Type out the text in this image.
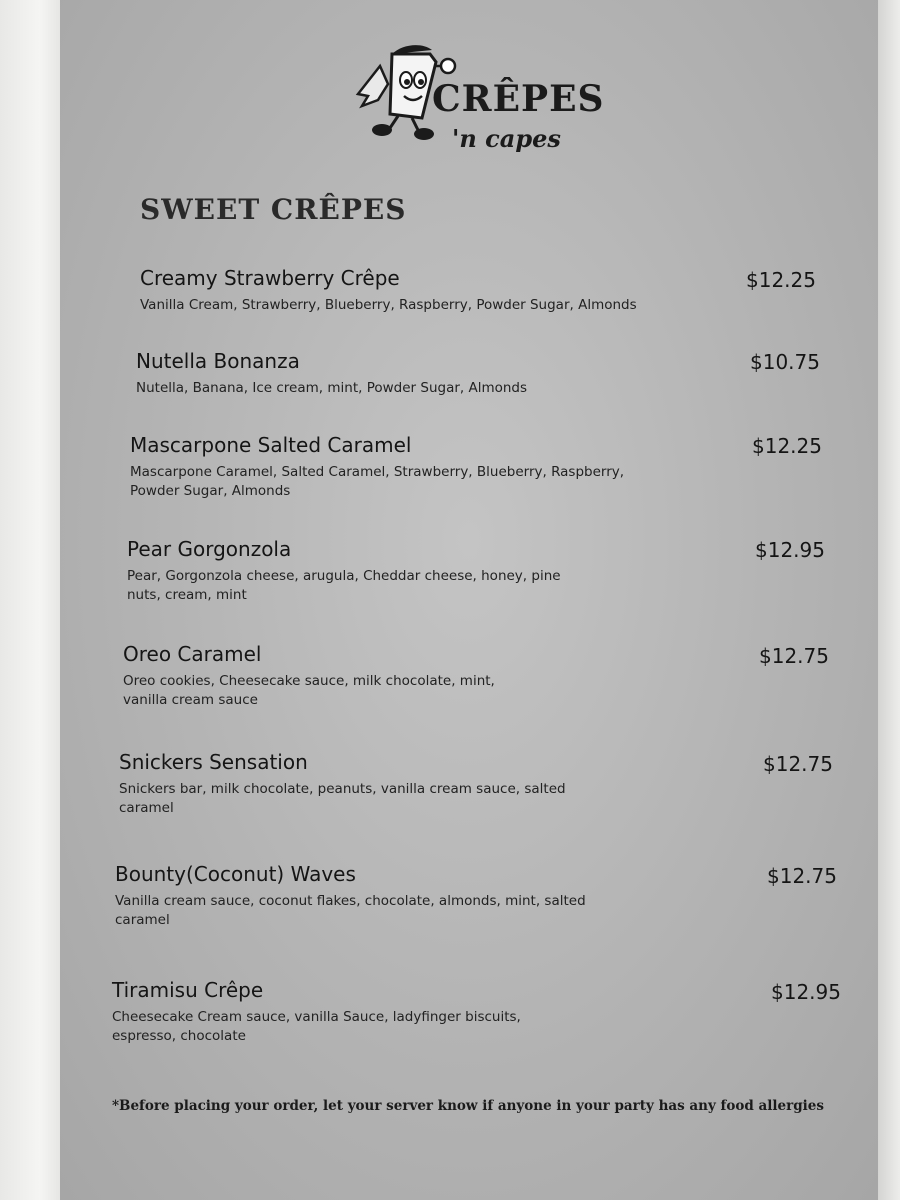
CRÊPES
'n capes
SWEET CRÊPES
Creamy Strawberry Crêpe
Vanilla Cream, Strawberry, Blueberry, Raspberry, Powder Sugar, Almonds
$12.25
Nutella Bonanza
Nutella, Banana, Ice cream, mint, Powder Sugar, Almonds
$10.75
Mascarpone Salted Caramel
Mascarpone Caramel, Salted Caramel, Strawberry, Blueberry, Raspberry, Powder Sugar, Almonds
$12.25
Pear Gorgonzola
Pear, Gorgonzola cheese, arugula, Cheddar cheese, honey, pine nuts, cream, mint
$12.95
Oreo Caramel
Oreo cookies, Cheesecake sauce, milk chocolate, mint, vanilla cream sauce
$12.75
Snickers Sensation
Snickers bar, milk chocolate, peanuts, vanilla cream sauce, salted caramel
$12.75
Bounty(Coconut) Waves
Vanilla cream sauce, coconut flakes, chocolate, almonds, mint, salted caramel
$12.75
Tiramisu Crêpe
Cheesecake Cream sauce, vanilla Sauce, ladyfinger biscuits, espresso, chocolate
$12.95
*Before placing your order, let your server know if anyone in your party has any food allergies
